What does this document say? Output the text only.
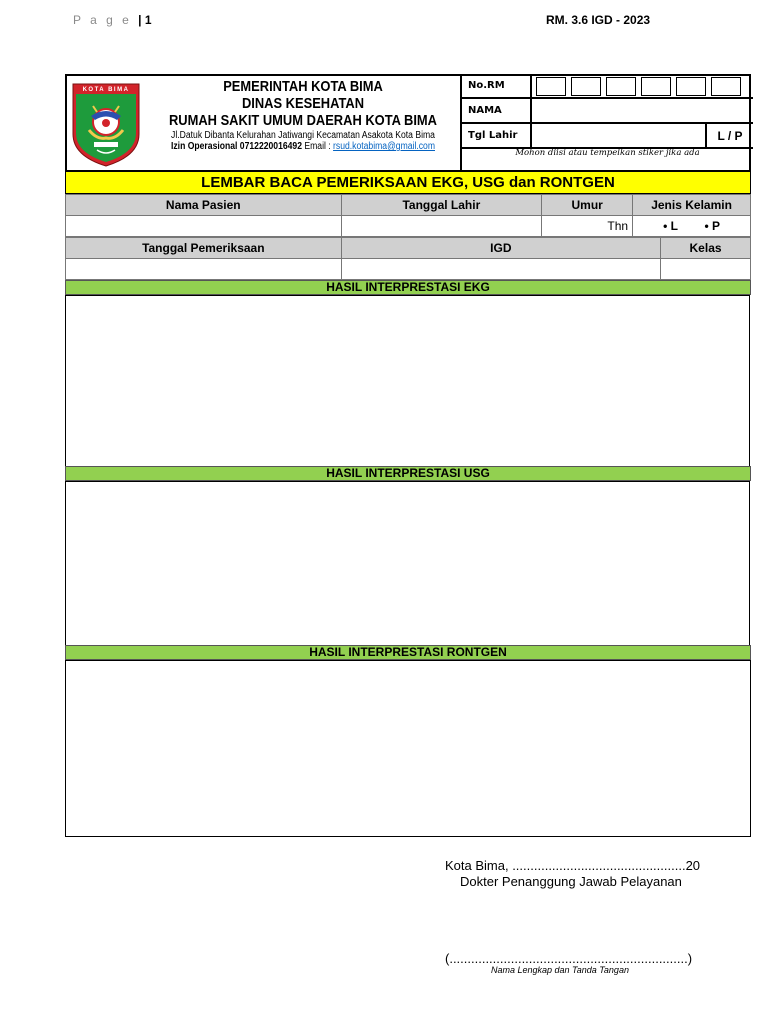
P a g e | 1	RM. 3.6 IGD - 2023
KOTA BIMA	PEMERINTAH KOTA BIMA
DINAS KESEHATAN
RUMAH SAKIT UMUM DAERAH KOTA BIMA
Jl.Datuk Dibanta Kelurahan Jatiwangi Kecamatan Asakota Kota Bima
Izin Operasional 0712220016492 Email : rsud.kotabima@gmail.com
No.RM
NAMA
Tgl Lahir	L / P
Mohon diisi atau tempelkan stiker jika ada
LEMBAR BACA PEMERIKSAAN EKG, USG dan RONTGEN
Nama Pasien	Tanggal Lahir	Umur	Jenis Kelamin
		Thn	• L • P
Tanggal Pemeriksaan	IGD	Kelas

HASIL INTERPRESTASI EKG
HASIL INTERPRESTASI USG
HASIL INTERPRESTASI RONTGEN
Kota Bima, ................................................20
Dokter Penanggung Jawab Pelayanan
(..................................................................)
Nama Lengkap dan Tanda Tangan
